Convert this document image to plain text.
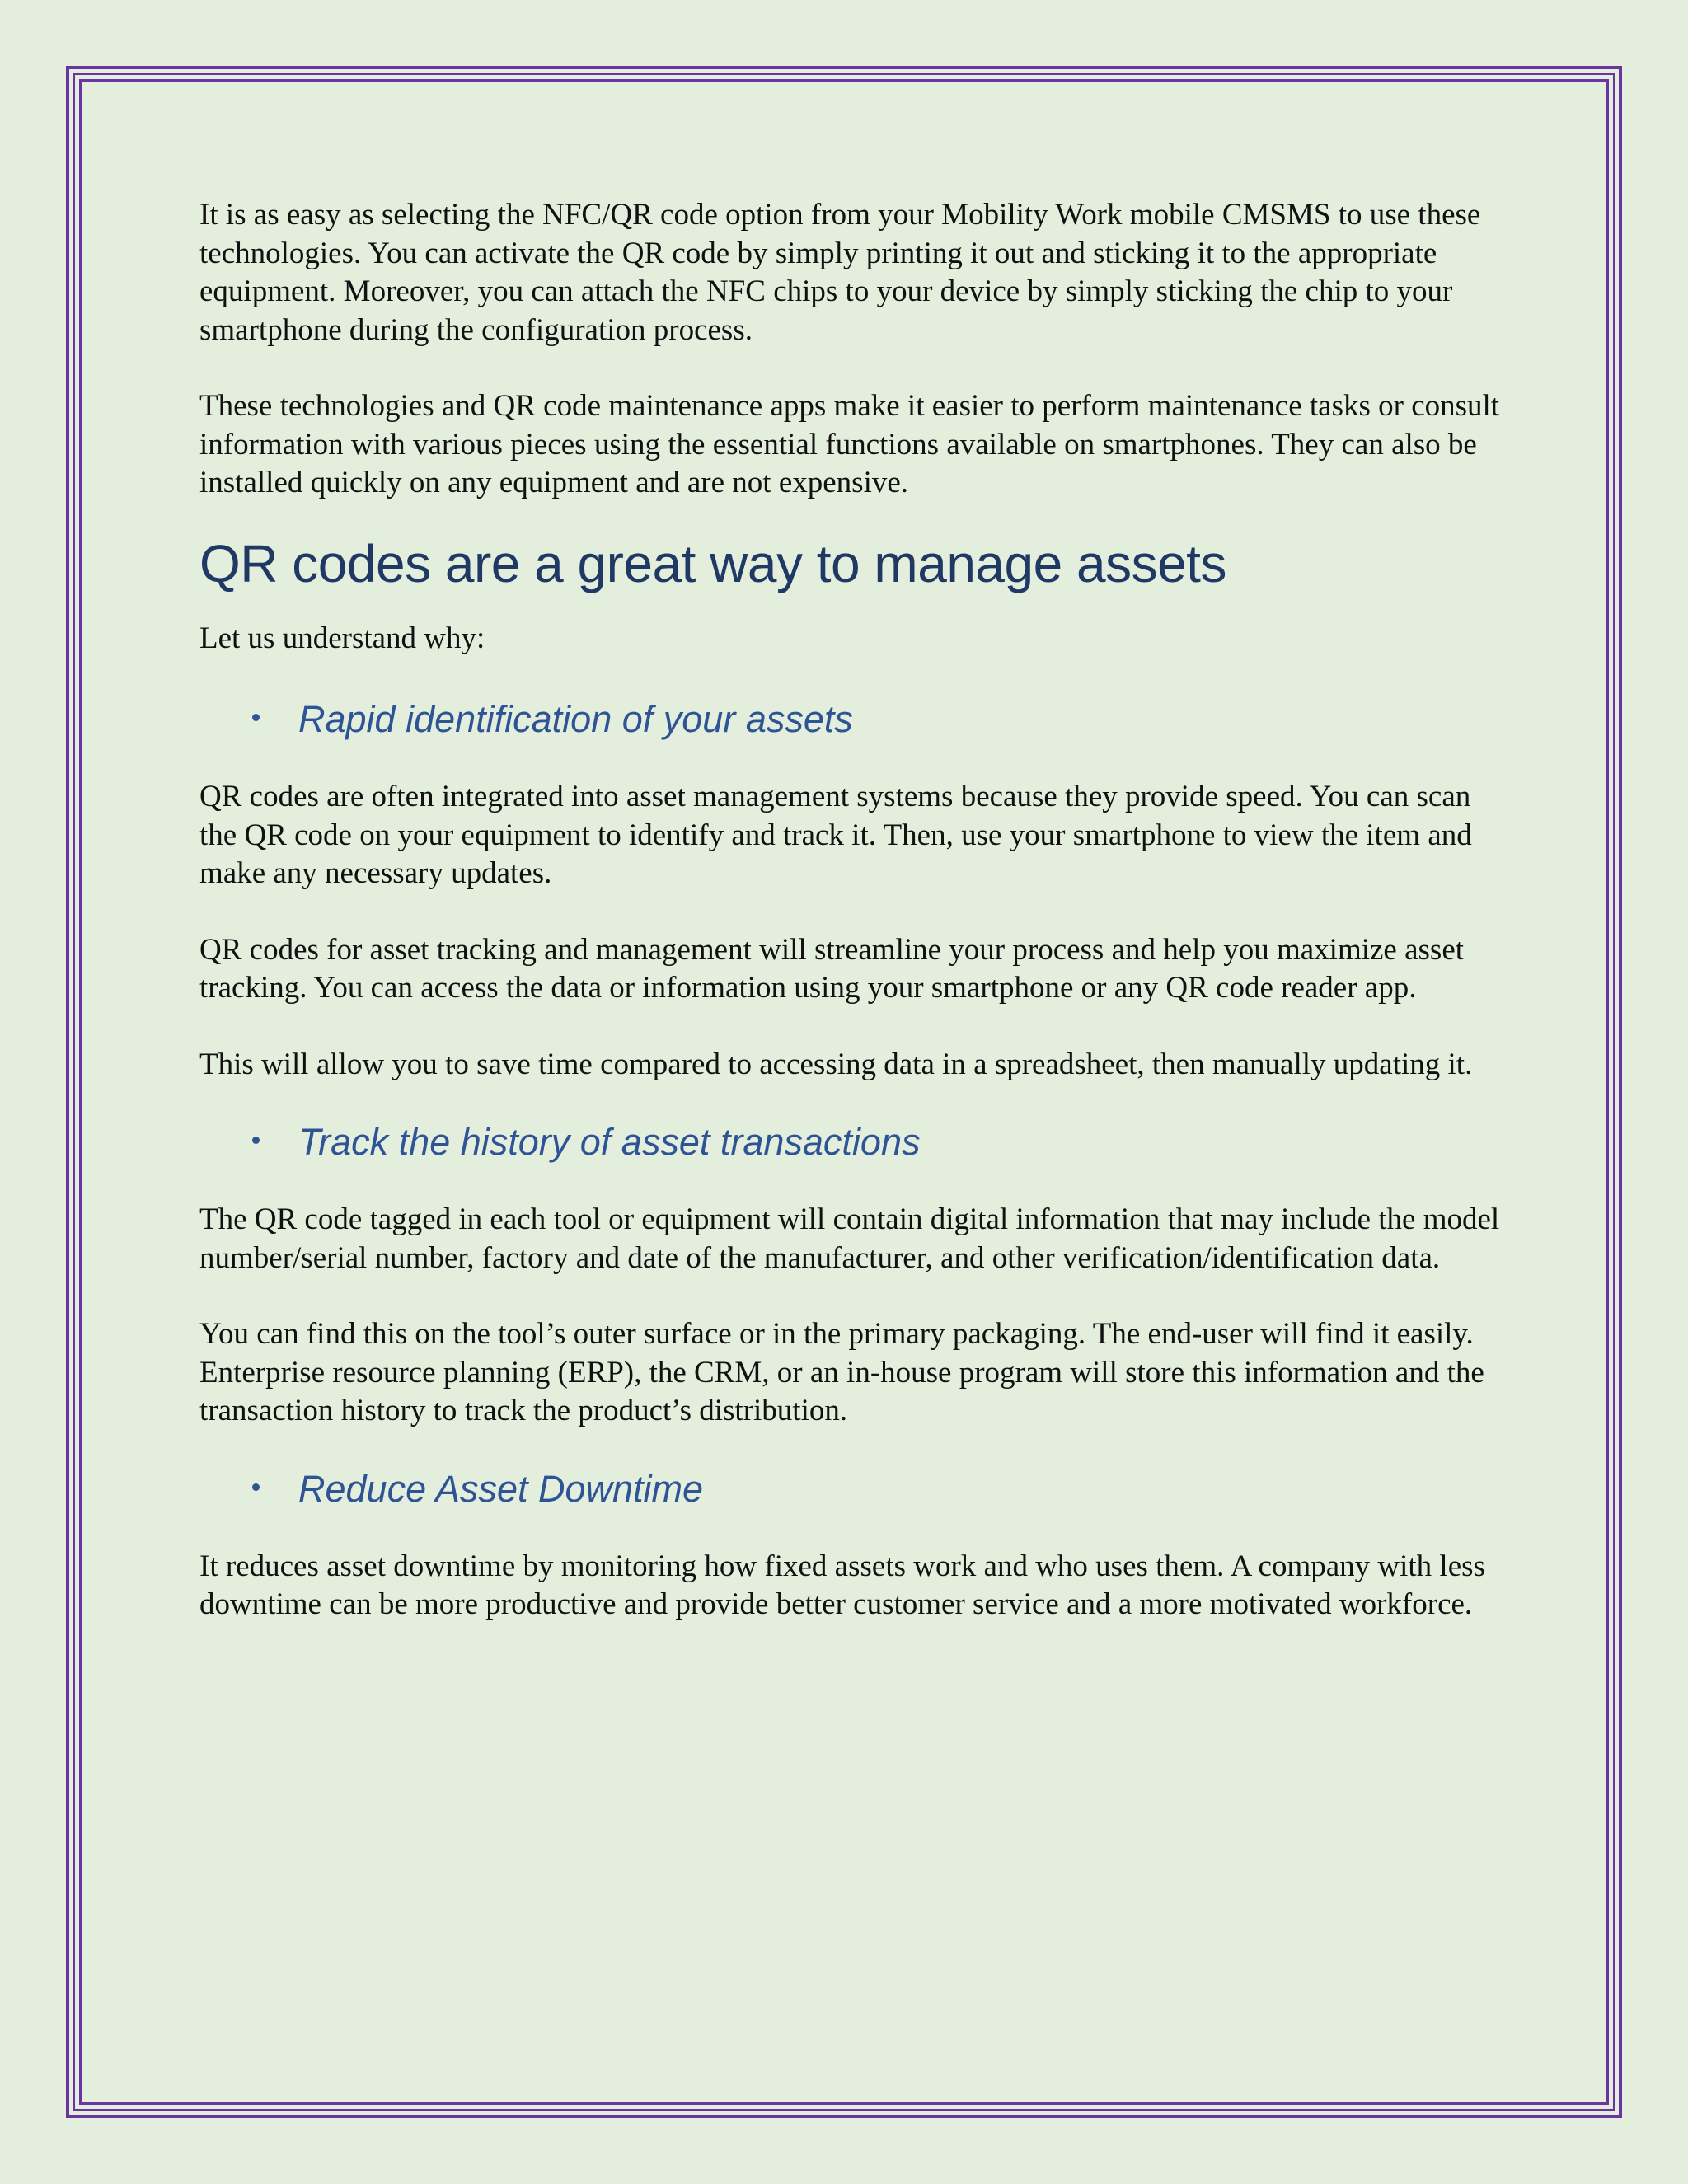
It is as easy as selecting the NFC/QR code option from your Mobility Work mobile CMSMS to use these technologies. You can activate the QR code by simply printing it out and sticking it to the appropriate equipment. Moreover, you can attach the NFC chips to your device by simply sticking the chip to your smartphone during the configuration process.

These technologies and QR code maintenance apps make it easier to perform maintenance tasks or consult information with various pieces using the essential functions available on smartphones. They can also be installed quickly on any equipment and are not expensive.

QR codes are a great way to manage assets

Let us understand why:

Rapid identification of your assets

QR codes are often integrated into asset management systems because they provide speed. You can scan the QR code on your equipment to identify and track it. Then, use your smartphone to view the item and make any necessary updates.

QR codes for asset tracking and management will streamline your process and help you maximize asset tracking. You can access the data or information using your smartphone or any QR code reader app.

This will allow you to save time compared to accessing data in a spreadsheet, then manually updating it.

Track the history of asset transactions

The QR code tagged in each tool or equipment will contain digital information that may include the model number/serial number, factory and date of the manufacturer, and other verification/identification data.

You can find this on the tool’s outer surface or in the primary packaging. The end-user will find it easily. Enterprise resource planning (ERP), the CRM, or an in-house program will store this information and the transaction history to track the product’s distribution.

Reduce Asset Downtime

It reduces asset downtime by monitoring how fixed assets work and who uses them. A company with less downtime can be more productive and provide better customer service and a more motivated workforce.
